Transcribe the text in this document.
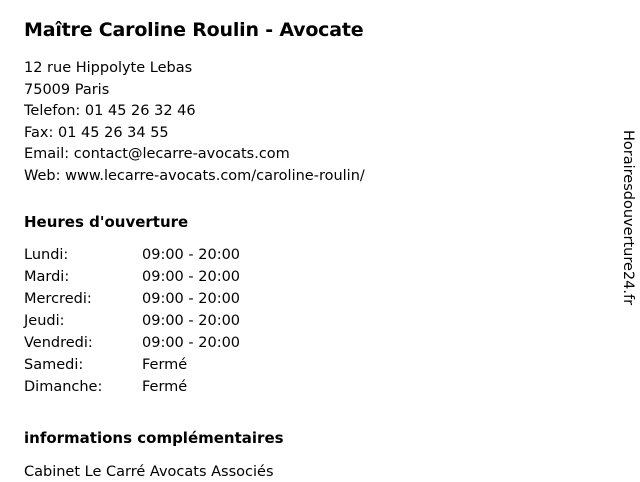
Maître Caroline Roulin - Avocate

12 rue Hippolyte Lebas

75009 Paris

Telefon: 01 45 26 32 46

Fax: 01 45 26 34 55

Email: contact@lecarre-avocats.com

Web: www.lecarre-avocats.com/caroline-roulin/

Heures d'ouverture
Lundi:	09:00 - 20:00
Mardi:	09:00 - 20:00
Mercredi:	09:00 - 20:00
Jeudi:	09:00 - 20:00
Vendredi:	09:00 - 20:00
Samedi:	Fermé
Dimanche:	Fermé
informations complémentaires

Cabinet Le Carré Avocats Associés

Horairesdouverture24.fr
